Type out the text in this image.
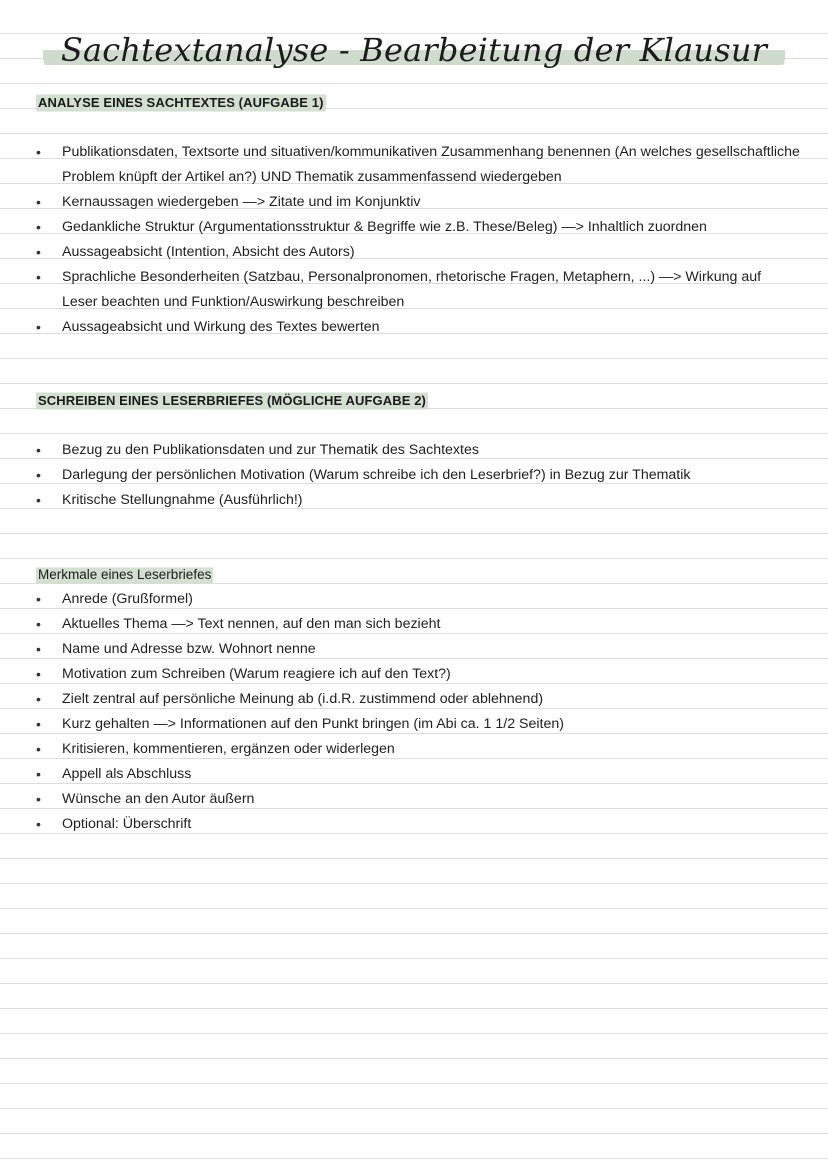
Sachtextanalyse - Bearbeitung der Klausur
ANALYSE EINES SACHTEXTES (AUFGABE 1)
•	Publikationsdaten, Textsorte und situativen/kommunikativen Zusammenhang benennen (An welches gesellschaftliche Problem knüpft der Artikel an?) UND Thematik zusammenfassend wiedergeben
•	Kernaussagen wiedergeben —> Zitate und im Konjunktiv
•	Gedankliche Struktur (Argumentationsstruktur & Begriffe wie z.B. These/Beleg) —> Inhaltlich zuordnen
•	Aussageabsicht (Intention, Absicht des Autors)
•	Sprachliche Besonderheiten (Satzbau, Personalpronomen, rhetorische Fragen, Metaphern, ...) —> Wirkung auf Leser beachten und Funktion/Auswirkung beschreiben
•	Aussageabsicht und Wirkung des Textes bewerten
SCHREIBEN EINES LESERBRIEFES (MÖGLICHE AUFGABE 2)
•	Bezug zu den Publikationsdaten und zur Thematik des Sachtextes
•	Darlegung der persönlichen Motivation (Warum schreibe ich den Leserbrief?) in Bezug zur Thematik
•	Kritische Stellungnahme (Ausführlich!)
Merkmale eines Leserbriefes
•	Anrede (Grußformel)
•	Aktuelles Thema —> Text nennen, auf den man sich bezieht
•	Name und Adresse bzw. Wohnort nenne
•	Motivation zum Schreiben (Warum reagiere ich auf den Text?)
•	Zielt zentral auf persönliche Meinung ab (i.d.R. zustimmend oder ablehnend)
•	Kurz gehalten —> Informationen auf den Punkt bringen (im Abi ca. 1 1/2 Seiten)
•	Kritisieren, kommentieren, ergänzen oder widerlegen
•	Appell als Abschluss
•	Wünsche an den Autor äußern
•	Optional: Überschrift
